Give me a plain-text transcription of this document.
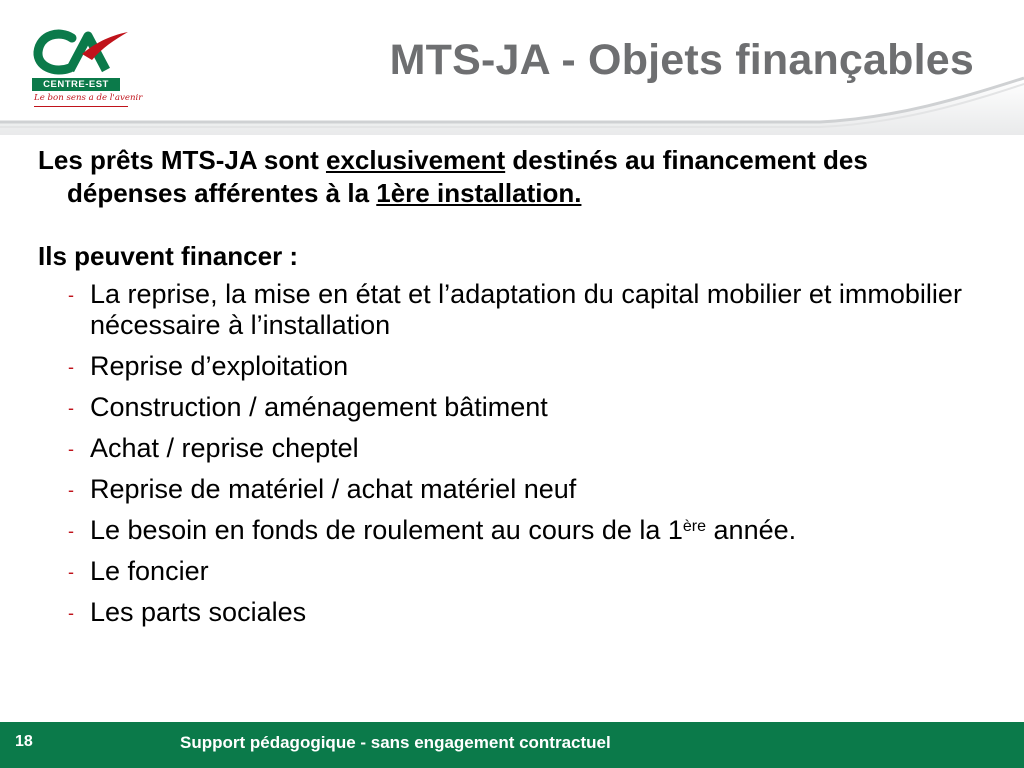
CENTRE-EST
Le bon sens a de l'avenir
MTS-JA - Objets finançables

Les prêts MTS-JA sont exclusivement destinés au financement des dépenses afférentes à la 1ère installation.

Ils peuvent financer :

- La reprise, la mise en état et l’adaptation du capital mobilier et immobilier nécessaire à l’installation
- Reprise d’exploitation
- Construction / aménagement bâtiment
- Achat / reprise cheptel
- Reprise de matériel / achat matériel neuf
- Le besoin en fonds de roulement au cours de la 1ère année.
- Le foncier
- Les parts sociales
18	Support pédagogique - sans engagement contractuel
